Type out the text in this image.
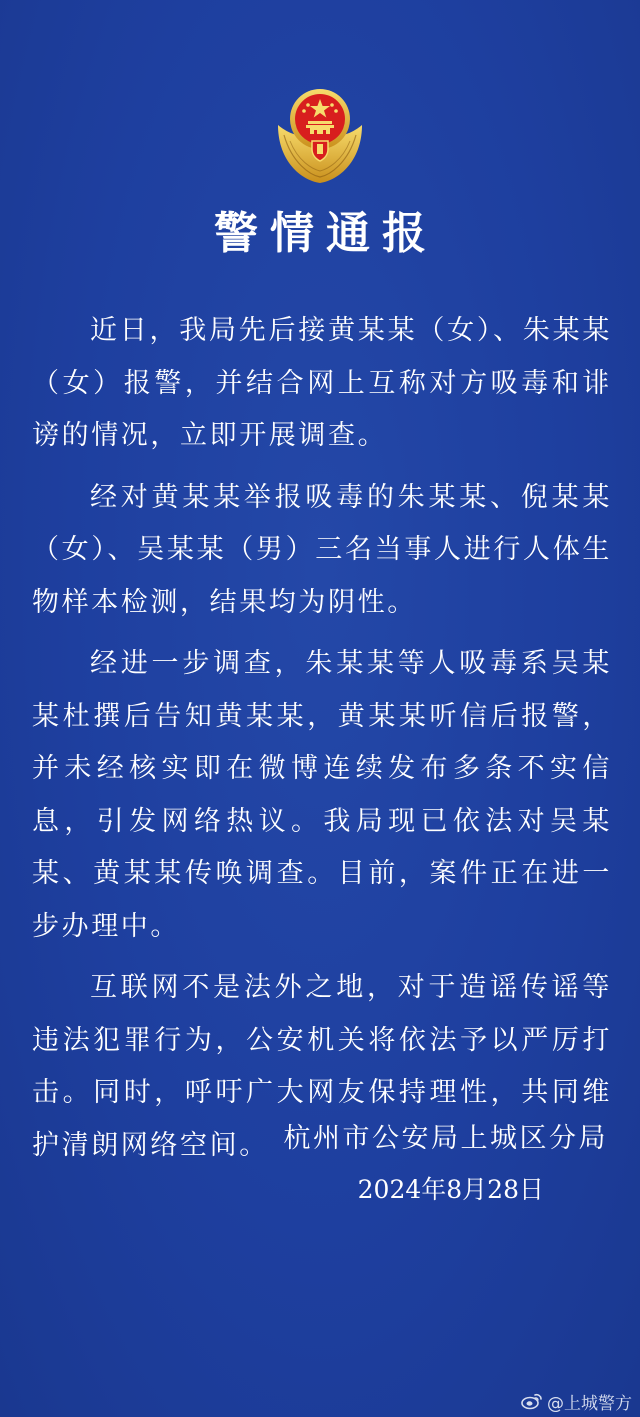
警情通报

近日，我局先后接黄某某（女）、朱某某（女）报警，并结合网上互称对方吸毒和诽谤的情况，立即开展调查。

经对黄某某举报吸毒的朱某某、倪某某（女）、吴某某（男）三名当事人进行人体生物样本检测，结果均为阴性。

经进一步调查，朱某某等人吸毒系吴某某杜撰后告知黄某某，黄某某听信后报警，并未经核实即在微博连续发布多条不实信息，引发网络热议。我局现已依法对吴某某、黄某某传唤调查。目前，案件正在进一步办理中。

互联网不是法外之地，对于造谣传谣等违法犯罪行为，公安机关将依法予以严厉打击。同时，呼吁广大网友保持理性，共同维护清朗网络空间。 杭州市公安局上城区分局
2024年8月28日
@上城警方
